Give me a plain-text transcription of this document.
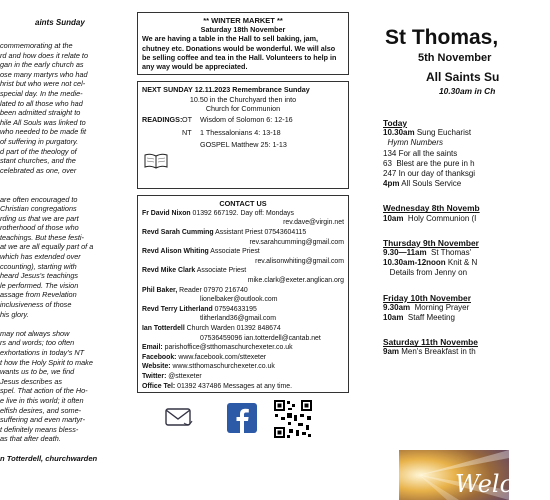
aints Sunday

commemorating at the

rd and how does it relate to

gan in the early church as

ose many martyrs who had

hrist but who were not cel-

special day. In the medie-

lated to all those who had

been admitted straight to

hile All Souls was linked to

who needed to be made fit

of suffering in purgatory.

d part of the theology of

stant churches, and the

celebrated as one, over

are often encouraged to

Christian congregations

rding us that we are part

rotherhood of those who

teachings. But these festi-

at we are all equally part of a

which has extended over

ccounting), starting with

heard Jesus's teachings

le performed. The vision

assage from Revelation

inclusiveness of those

his glory.

may not always show

rs and words; too often

exhortations in today's NT

t how the Holy Spirit to make

wants us to be, we find

Jesus describes as

spel. That action of the Ho-

e live in this world; it often

elfish desires, and some-

suffering and even martyr-

t definitely means bless-

as that after death.

n Totterdell, churchwarden
** WINTER MARKET **
Saturday 18th November
We are having a table in the Hall to sell baking, jam, chutney etc. Donations would be wonderful. We will also be selling coffee and tea in the Hall. Volunteers to help in any way would be appreciated.
NEXT SUNDAY 12.11.2023 Remembrance Sunday
10.50 in the Churchyard then into
Church for Communion
READINGS: OT	Wisdom of Solomon 6: 12-16
NT	1 Thessalonians 4: 13-18
GOSPEL Matthew 25: 1-13
CONTACT US
Fr David Nixon 01392 667192. Day off: Mondays
rev.dave@virgin.net
Revd Sarah Cumming Assistant Priest 07543604115
rev.sarahcumming@gmail.com
Revd Alison Whiting Associate Priest
rev.alisonwhiting@gmail.com
Revd Mike Clark Associate Priest
mike.clark@exeter.anglican.org
Phil Baker, Reader 07970 216740
lionelbaker@outlook.com
Revd Terry Litherland 07594633195
tlitherland36@gmail.com
Ian Totterdell Church Warden 01392 848674
07536459096 ian.totterdell@cantab.net
Email: parishoffice@stthomaschurchexeter.co.uk
Facebook: www.facebook.com/sttexeter
Website: www.stthomaschurchexeter.co.uk
Twitter: @sttexeter
Office Tel: 01392 437486 Messages at any time.
St Thomas,
5th November
All Saints Su
10.30am in Ch
Today
10.30am Sung Eucharist
Hymn Numbers
134 For all the saints
63  Blest are the pure in h
247 In our day of thanksgi
4pm All Souls Service
Wednesday 8th Novemb
10am  Holy Communion (I
Thursday 9th November
9.30—11am  St Thomas'
10.30am-12noon Knit & N
Details from Jenny on
Friday 10th November
9.30am  Morning Prayer
10am  Staff Meeting
Saturday 11th Novembe
9am Men's Breakfast in th
Welcom
